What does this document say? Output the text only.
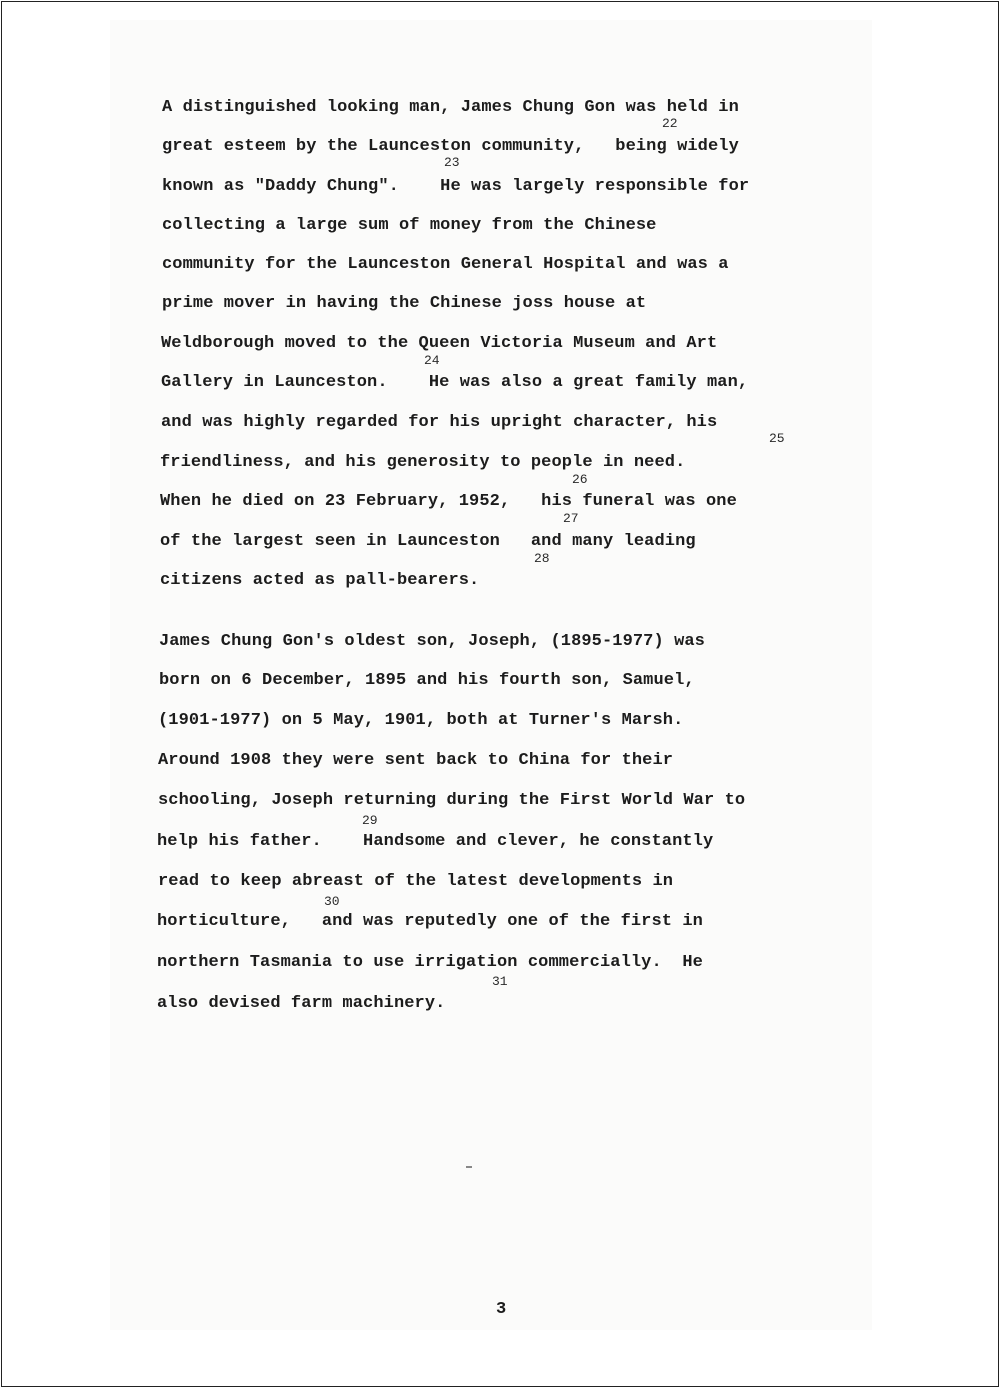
A distinguished looking man, James Chung Gon was held in

22

great esteem by the Launceston community,   being widely

23

known as "Daddy Chung".    He was largely responsible for

collecting a large sum of money from the Chinese

community for the Launceston General Hospital and was a

prime mover in having the Chinese joss house at

Weldborough moved to the Queen Victoria Museum and Art

24

Gallery in Launceston.    He was also a great family man,

and was highly regarded for his upright character, his

25

friendliness, and his generosity to people in need.

26

When he died on 23 February, 1952,   his funeral was one

27

of the largest seen in Launceston   and many leading

28

citizens acted as pall-bearers.

James Chung Gon's oldest son, Joseph, (1895-1977) was

born on 6 December, 1895 and his fourth son, Samuel,

(1901-1977) on 5 May, 1901, both at Turner's Marsh.

Around 1908 they were sent back to China for their

schooling, Joseph returning during the First World War to

29

help his father.    Handsome and clever, he constantly

read to keep abreast of the latest developments in

30

horticulture,   and was reputedly one of the first in

northern Tasmania to use irrigation commercially.  He

31

also devised farm machinery.

3
